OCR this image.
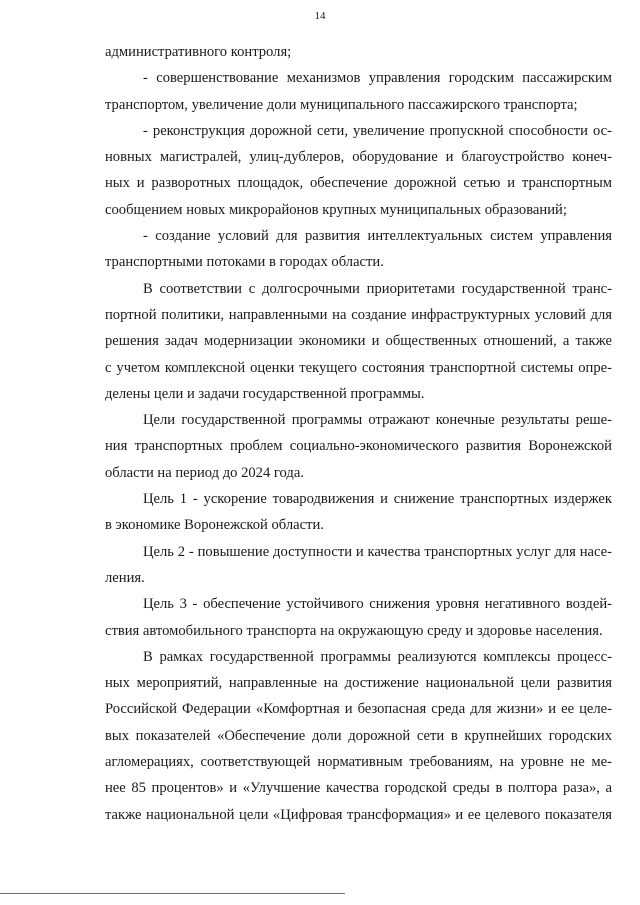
14
административного контроля;
- совершенствование механизмов управления городским пассажирским
транспортом, увеличение доли муниципального пассажирского транспорта;
- реконструкция дорожной сети, увеличение пропускной способности ос-
новных магистралей, улиц-дублеров, оборудование и благоустройство конеч-
ных и разворотных площадок, обеспечение дорожной сетью и транспортным
сообщением новых микрорайонов крупных муниципальных образований;
- создание условий для развития интеллектуальных систем управления
транспортными потоками в городах области.
В соответствии с долгосрочными приоритетами государственной транс-
портной политики, направленными на создание инфраструктурных условий для
решения задач модернизации экономики и общественных отношений, а также
с учетом комплексной оценки текущего состояния транспортной системы опре-
делены цели и задачи государственной программы.
Цели государственной программы отражают конечные результаты реше-
ния транспортных проблем социально-экономического развития Воронежской
области на период до 2024 года.
Цель 1 - ускорение товародвижения и снижение транспортных издержек
в экономике Воронежской области.
Цель 2 - повышение доступности и качества транспортных услуг для насе-
ления.
Цель 3 - обеспечение устойчивого снижения уровня негативного воздей-
ствия автомобильного транспорта на окружающую среду и здоровье населения.
В рамках государственной программы реализуются комплексы процесс-
ных мероприятий, направленные на достижение национальной цели развития
Российской Федерации «Комфортная и безопасная среда для жизни» и ее целе-
вых показателей «Обеспечение доли дорожной сети в крупнейших городских
агломерациях, соответствующей нормативным требованиям, на уровне не ме-
нее 85 процентов» и «Улучшение качества городской среды в полтора раза», а
также национальной цели «Цифровая трансформация» и ее целевого показателя
